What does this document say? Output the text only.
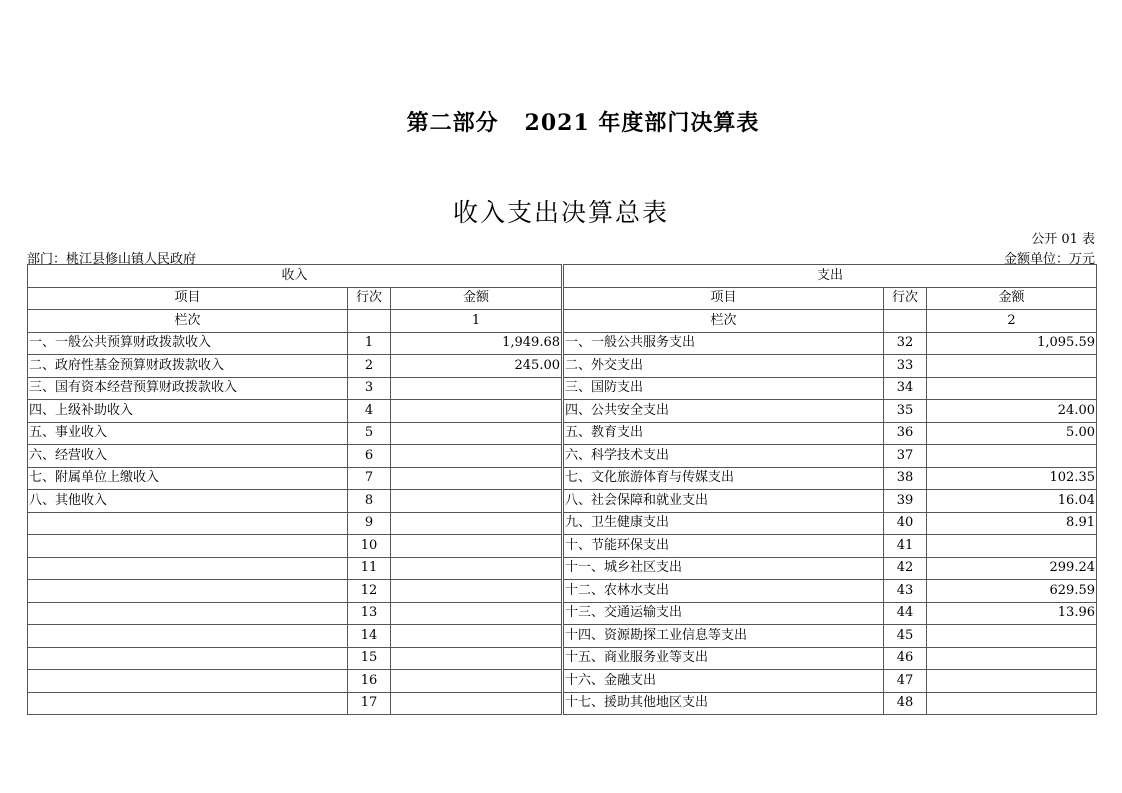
第二部分   2021 年度部门决算表
收入支出决算总表
公开 01 表
部门：桃江县修山镇人民政府	金额单位：万元
收入				支出		
项目	行次	金额		项目	行次	金额
栏次		1		栏次		2
一、一般公共预算财政拨款收入	1	1,949.68		一、一般公共服务支出	32	1,095.59
二、政府性基金预算财政拨款收入	2	245.00		二、外交支出	33	
三、国有资本经营预算财政拨款收入	3			三、国防支出	34	
四、上级补助收入	4			四、公共安全支出	35	24.00
五、事业收入	5			五、教育支出	36	5.00
六、经营收入	6			六、科学技术支出	37	
七、附属单位上缴收入	7			七、文化旅游体育与传媒支出	38	102.35
八、其他收入	8			八、社会保障和就业支出	39	16.04
	9			九、卫生健康支出	40	8.91
	10			十、节能环保支出	41	
	11			十一、城乡社区支出	42	299.24
	12			十二、农林水支出	43	629.59
	13			十三、交通运输支出	44	13.96
	14			十四、资源勘探工业信息等支出	45	
	15			十五、商业服务业等支出	46	
	16			十六、金融支出	47	
	17			十七、援助其他地区支出	48	
